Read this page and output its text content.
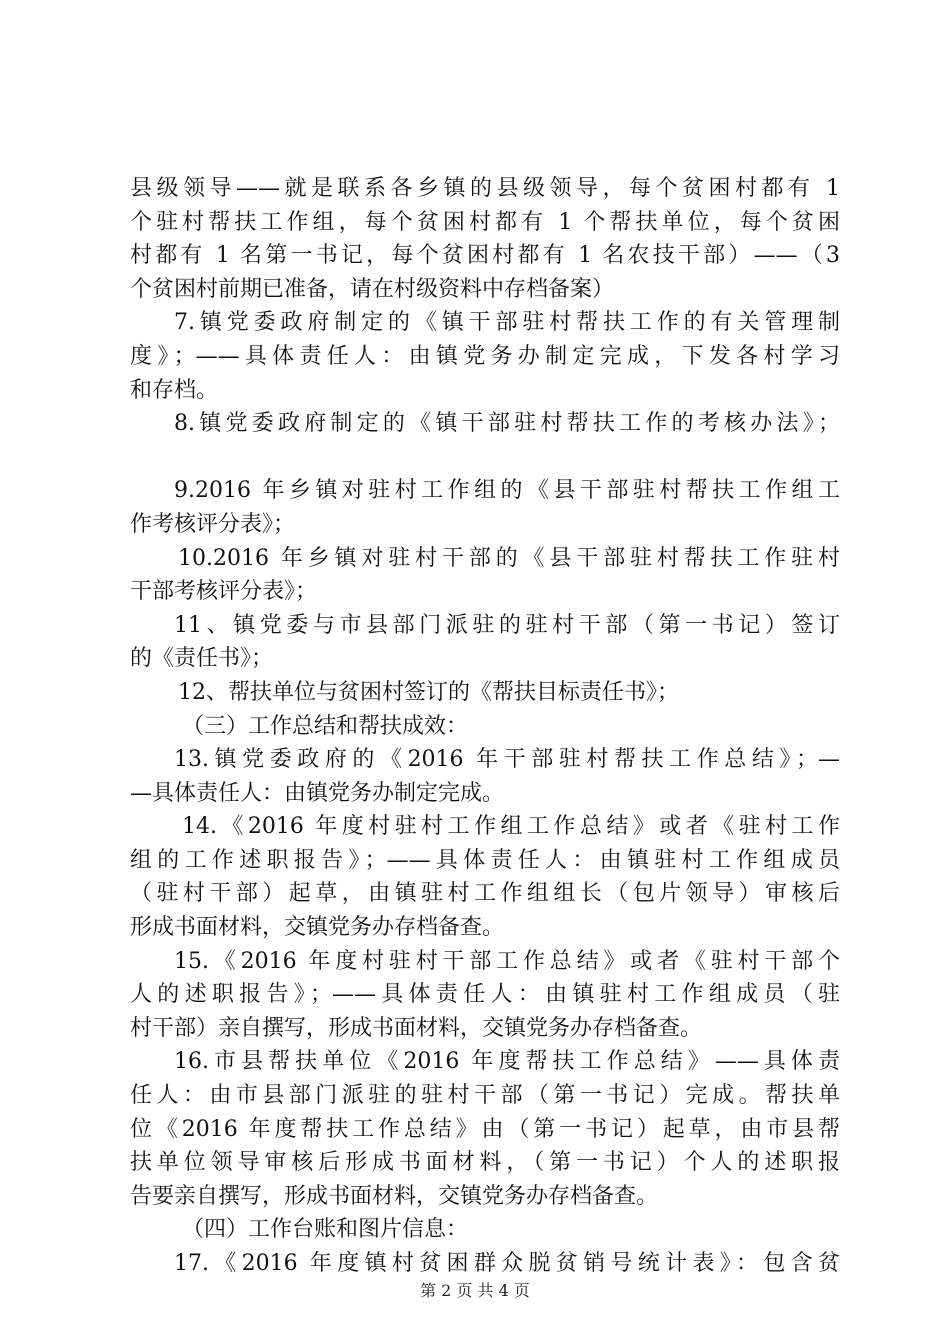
县级领导——就是联系各乡镇的县级领导，每个贫困村都有 1
个驻村帮扶工作组，每个贫困村都有 1 个帮扶单位，每个贫困
村都有 1 名第一书记，每个贫困村都有 1 名农技干部）——（3
个贫困村前期已准备，请在村级资料中存档备案）
7.镇党委政府制定的《镇干部驻村帮扶工作的有关管理制
度》；——具体责任人：由镇党务办制定完成，下发各村学习
和存档。
8.镇党委政府制定的《镇干部驻村帮扶工作的考核办法》；
9.2016 年乡镇对驻村工作组的《县干部驻村帮扶工作组工
作考核评分表》；
10.2016 年乡镇对驻村干部的《县干部驻村帮扶工作驻村
干部考核评分表》；
11、镇党委与市县部门派驻的驻村干部（第一书记）签订
的《责任书》；
12、帮扶单位与贫困村签订的《帮扶目标责任书》；
（三）工作总结和帮扶成效：
13.镇党委政府的《2016 年干部驻村帮扶工作总结》；—
—具体责任人：由镇党务办制定完成。
14.《2016 年度村驻村工作组工作总结》或者《驻村工作
组的工作述职报告》；——具体责任人：由镇驻村工作组成员
（驻村干部）起草，由镇驻村工作组组长（包片领导）审核后
形成书面材料，交镇党务办存档备查。
15.《2016 年度村驻村干部工作总结》或者《驻村干部个
人的述职报告》；——具体责任人：由镇驻村工作组成员（驻
村干部）亲自撰写，形成书面材料，交镇党务办存档备查。
16.市县帮扶单位《2016 年度帮扶工作总结》——具体责
任人：由市县部门派驻的驻村干部（第一书记）完成。帮扶单
位《2016 年度帮扶工作总结》由（第一书记）起草，由市县帮
扶单位领导审核后形成书面材料，（第一书记）个人的述职报
告要亲自撰写，形成书面材料，交镇党务办存档备查。
（四）工作台账和图片信息：
17.《2016 年度镇村贫困群众脱贫销号统计表》：包含贫
第 2 页 共 4 页
